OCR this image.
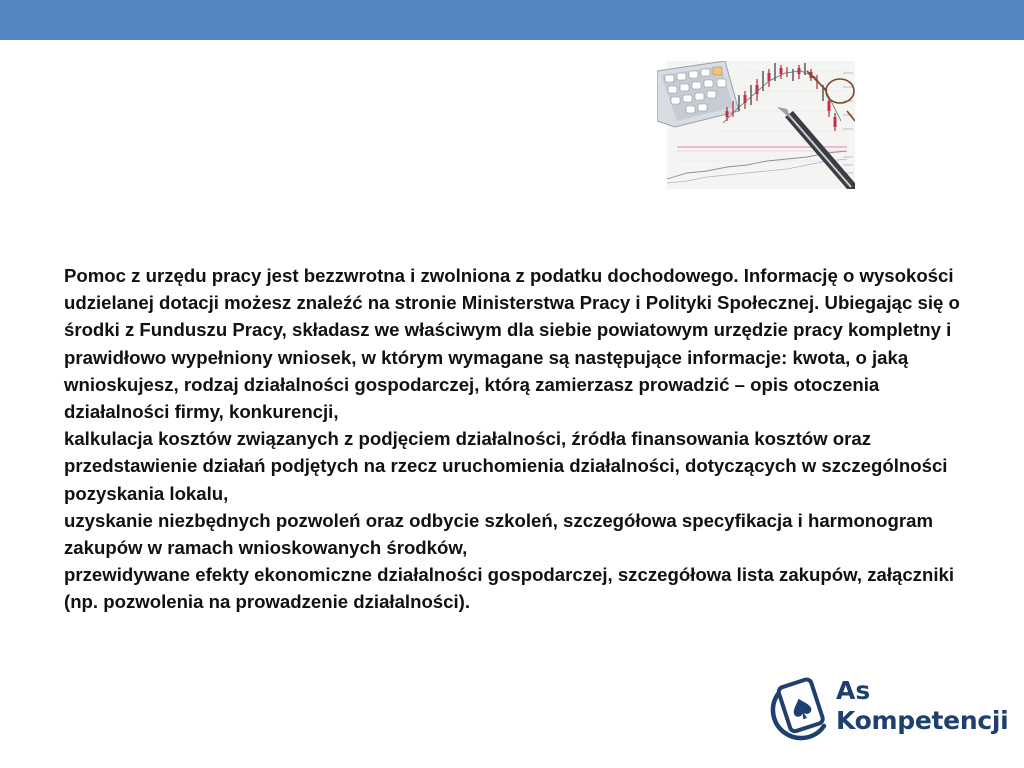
Pomoc z urzędu pracy jest bezzwrotna i zwolniona z podatku dochodowego. Informację o wysokości udzielanej dotacji możesz znaleźć na stronie Ministerstwa Pracy i Polityki Społecznej. Ubiegając się o środki z Funduszu Pracy, składasz we właściwym dla siebie powiatowym urzędzie pracy kompletny i prawidłowo wypełniony wniosek, w którym wymagane są następujące informacje: kwota, o jaką wnioskujesz, rodzaj działalności gospodarczej, którą zamierzasz prowadzić – opis otoczenia działalności firmy, konkurencji,

kalkulacja kosztów związanych z podjęciem działalności, źródła finansowania kosztów oraz przedstawienie działań podjętych na rzecz uruchomienia działalności, dotyczących w szczególności pozyskania lokalu,

uzyskanie niezbędnych pozwoleń oraz odbycie szkoleń, szczegółowa specyfikacja i harmonogram zakupów w ramach wnioskowanych środków,

przewidywane efekty ekonomiczne działalności gospodarczej, szczegółowa lista zakupów, załączniki (np. pozwolenia na prowadzenie działalności).

As
Kompetencji
